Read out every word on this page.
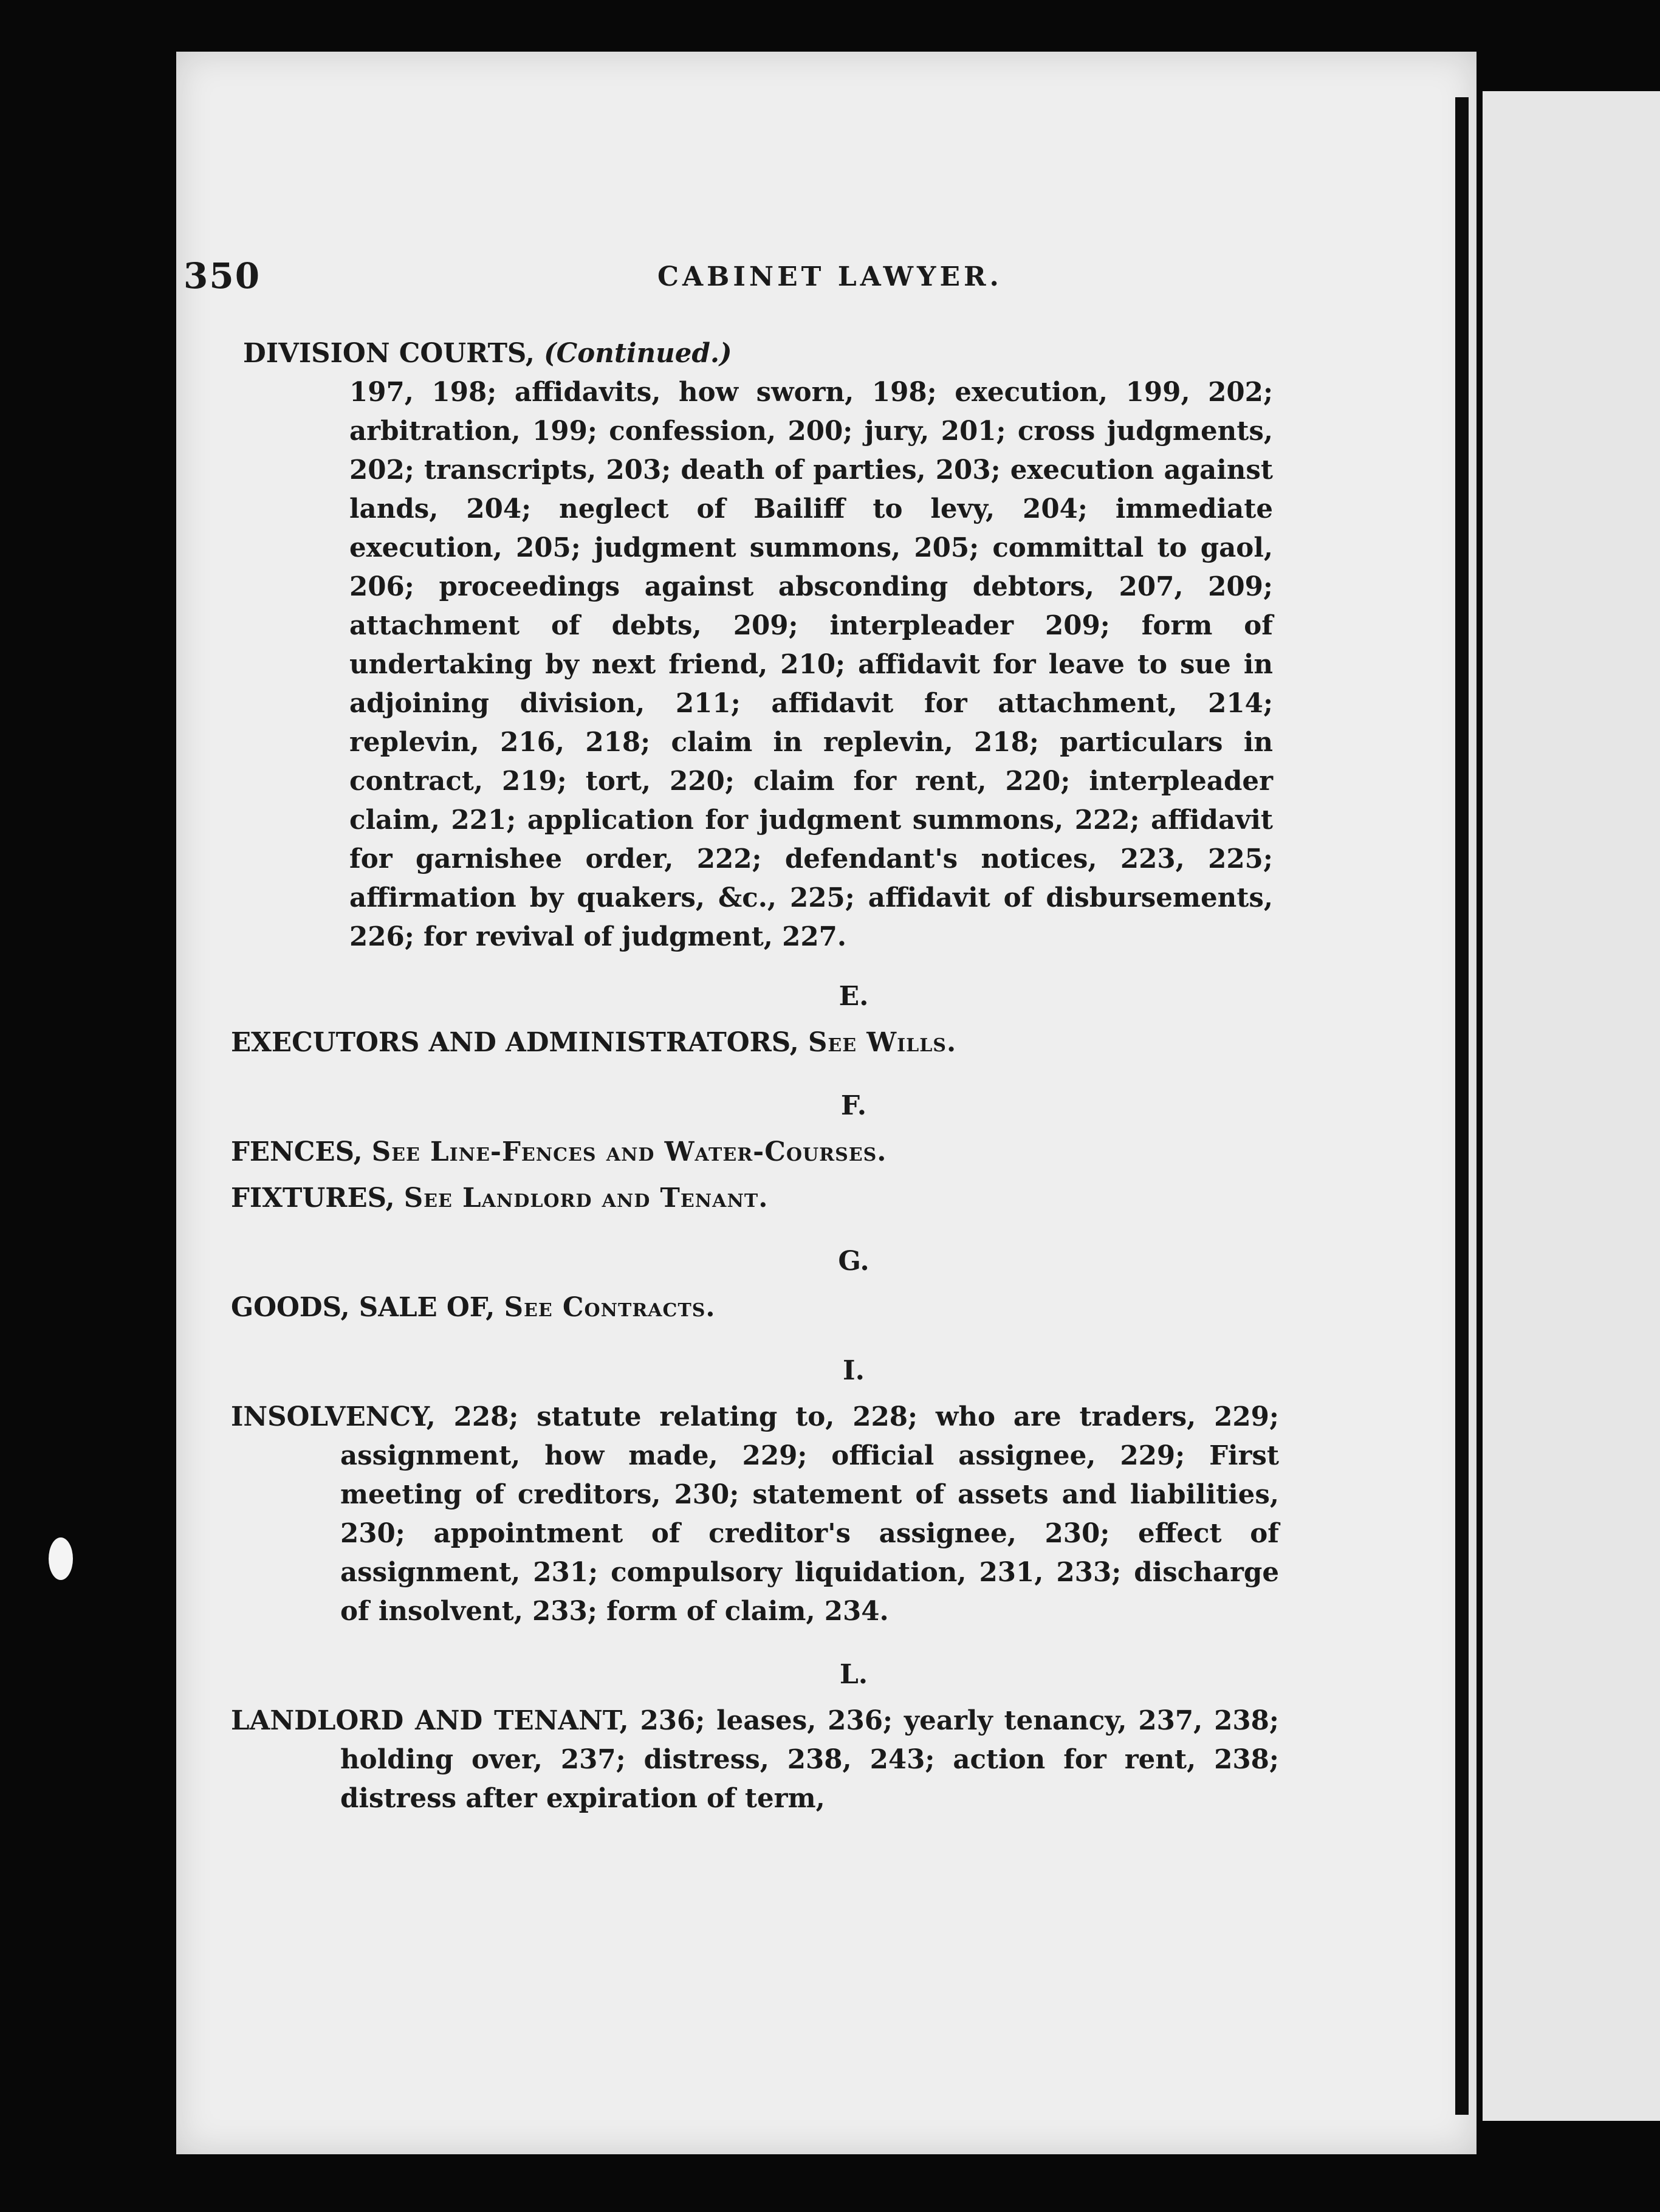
350	CABINET LAWYER.
DIVISION COURTS, (Continued.)
197, 198; affidavits, how sworn, 198; execution, 199, 202; arbitration, 199; confession, 200; jury, 201; cross judgments, 202; transcripts, 203; death of parties, 203; execution against lands, 204; neglect of Bailiff to levy, 204; immediate execution, 205; judgment summons, 205; committal to gaol, 206; proceedings against absconding debtors, 207, 209; attachment of debts, 209; interpleader 209; form of undertaking by next friend, 210; affidavit for leave to sue in adjoining division, 211; affidavit for attachment, 214; replevin, 216, 218; claim in replevin, 218; particulars in contract, 219; tort, 220; claim for rent, 220; interpleader claim, 221; application for judgment summons, 222; affidavit for garnishee order, 222; defendant's notices, 223, 225; affirmation by quakers, &c., 225; affidavit of disbursements, 226; for revival of judgment, 227.
E.
EXECUTORS AND ADMINISTRATORS, See Wills.
F.
FENCES, See Line-Fences and Water-Courses.
FIXTURES, See Landlord and Tenant.
G.
GOODS, SALE OF, See Contracts.
I.
INSOLVENCY, 228; statute relating to, 228; who are traders, 229; assignment, how made, 229; official assignee, 229; First meeting of creditors, 230; statement of assets and liabilities, 230; appointment of creditor's assignee, 230; effect of assignment, 231; compulsory liquidation, 231, 233; discharge of insolvent, 233; form of claim, 234.
L.
LANDLORD AND TENANT, 236; leases, 236; yearly tenancy, 237, 238; holding over, 237; distress, 238, 243; action for rent, 238; distress after expiration of term,
